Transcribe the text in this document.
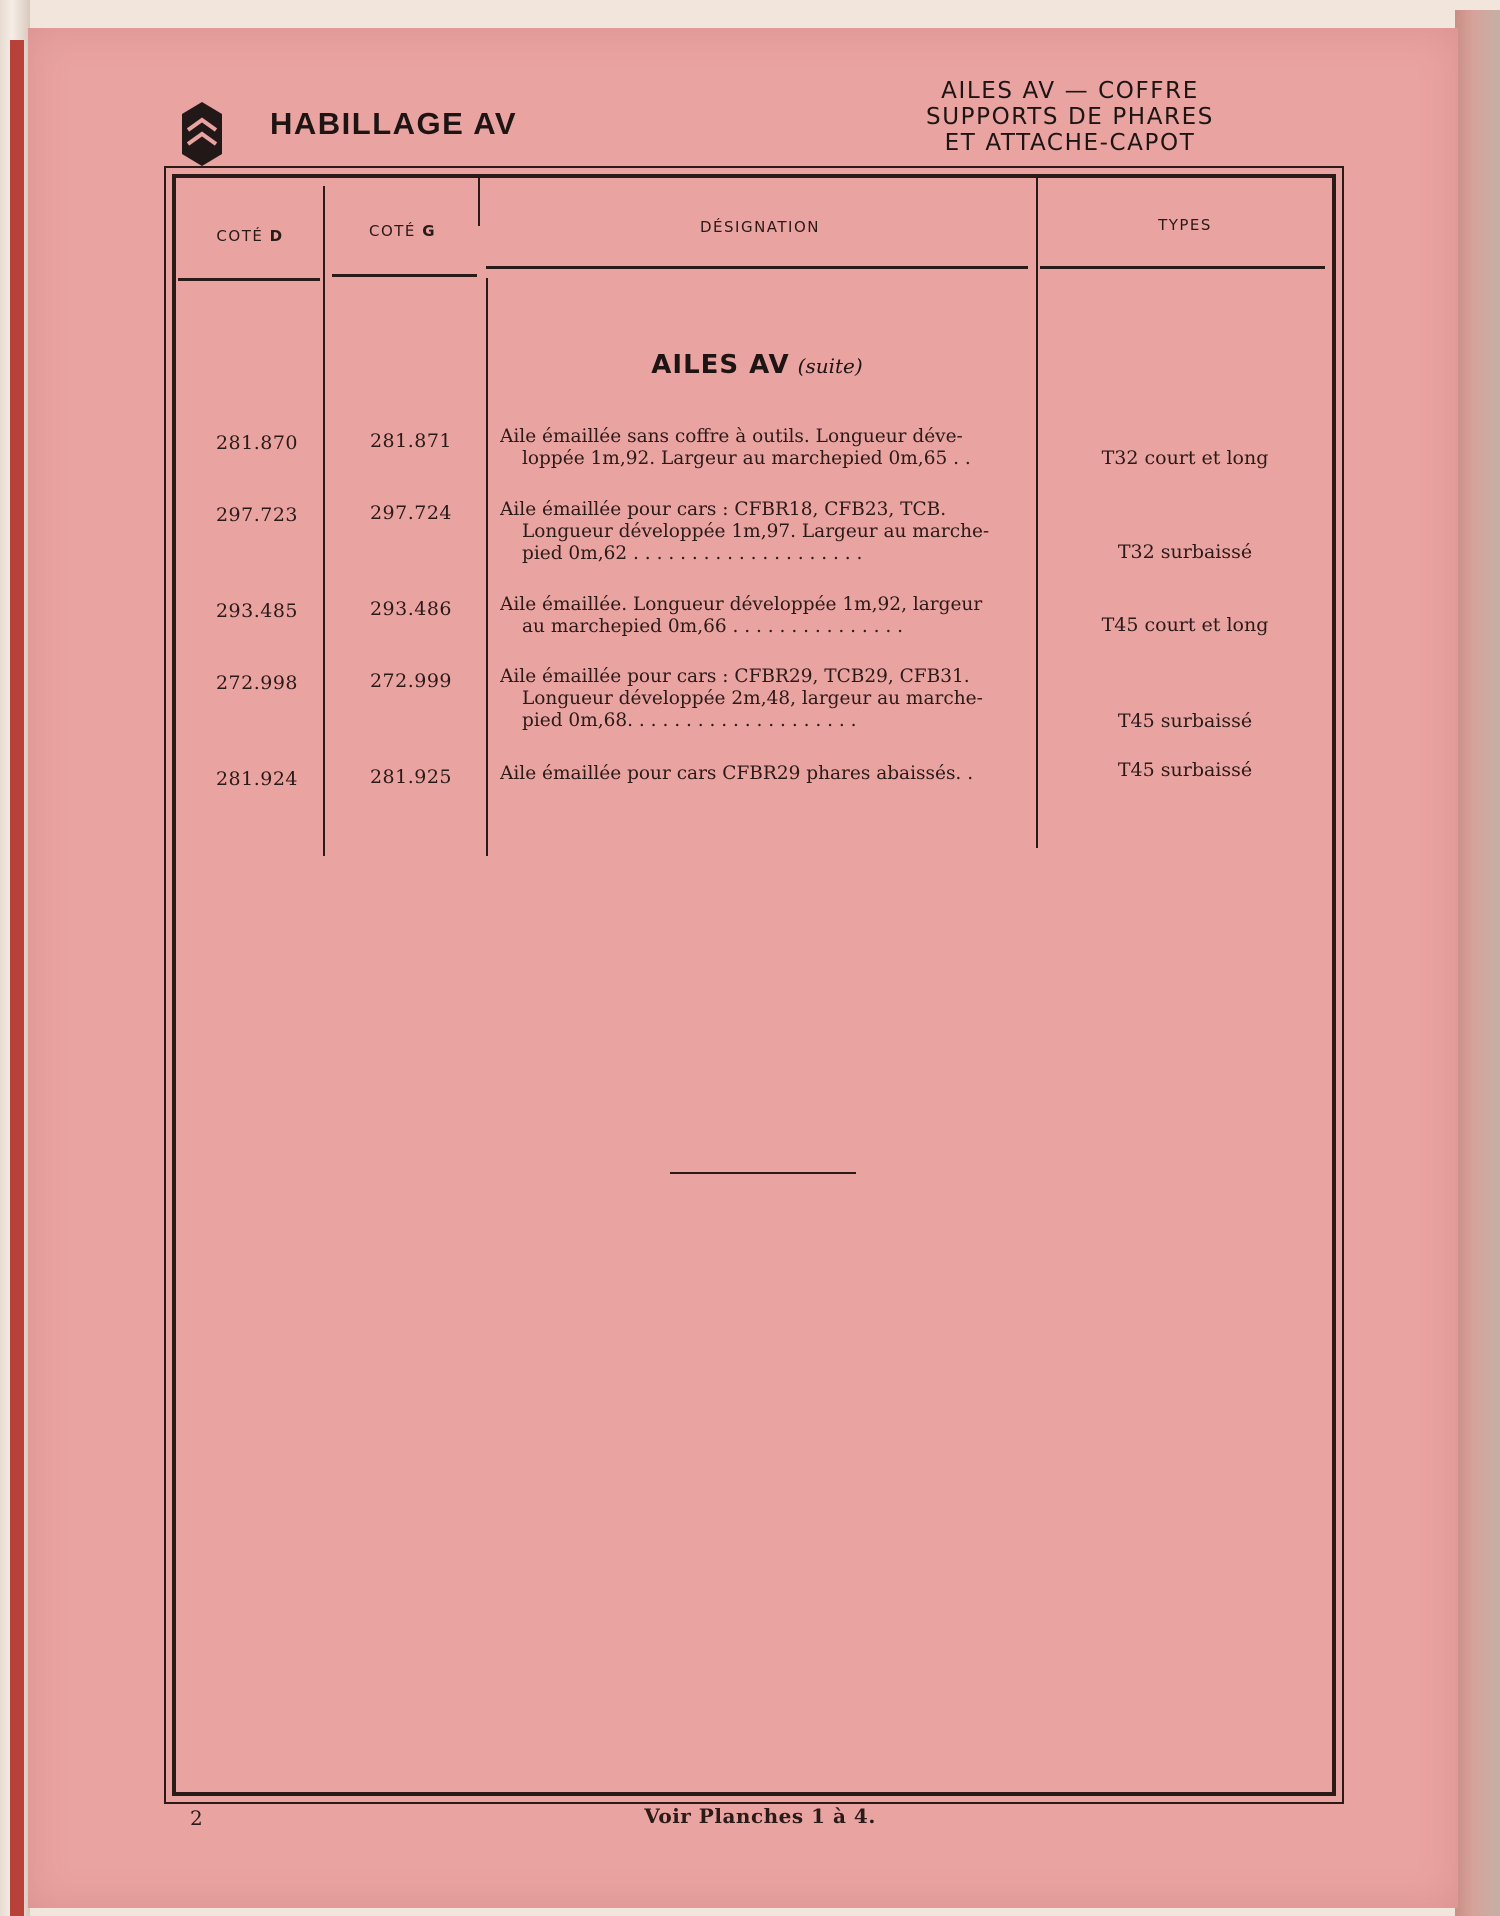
HABILLAGE AV
AILES AV — COFFRE
SUPPORTS DE PHARES
ET ATTACHE-CAPOT
COTÉ D	COTÉ G	DÉSIGNATION	TYPES
AILES AV (suite)
281.870	281.871	Aile émaillée sans coffre à outils. Longueur déve-
loppée 1m,92. Largeur au marchepied 0m,65 . .	T32 court et long
297.723	297.724	Aile émaillée pour cars : CFBR18, CFB23, TCB.
Longueur développée 1m,97. Largeur au marche-
pied 0m,62 . . . . . . . . . . . . . . . . . . . .	T32 surbaissé
293.485	293.486	Aile émaillée. Longueur développée 1m,92, largeur
au marchepied 0m,66 . . . . . . . . . . . . . . .	T45 court et long
272.998	272.999	Aile émaillée pour cars : CFBR29, TCB29, CFB31.
Longueur développée 2m,48, largeur au marche-
pied 0m,68. . . . . . . . . . . . . . . . . . . .	T45 surbaissé
281.924	281.925	Aile émaillée pour cars CFBR29 phares abaissés. .	T45 surbaissé
2	Voir Planches 1 à 4.
